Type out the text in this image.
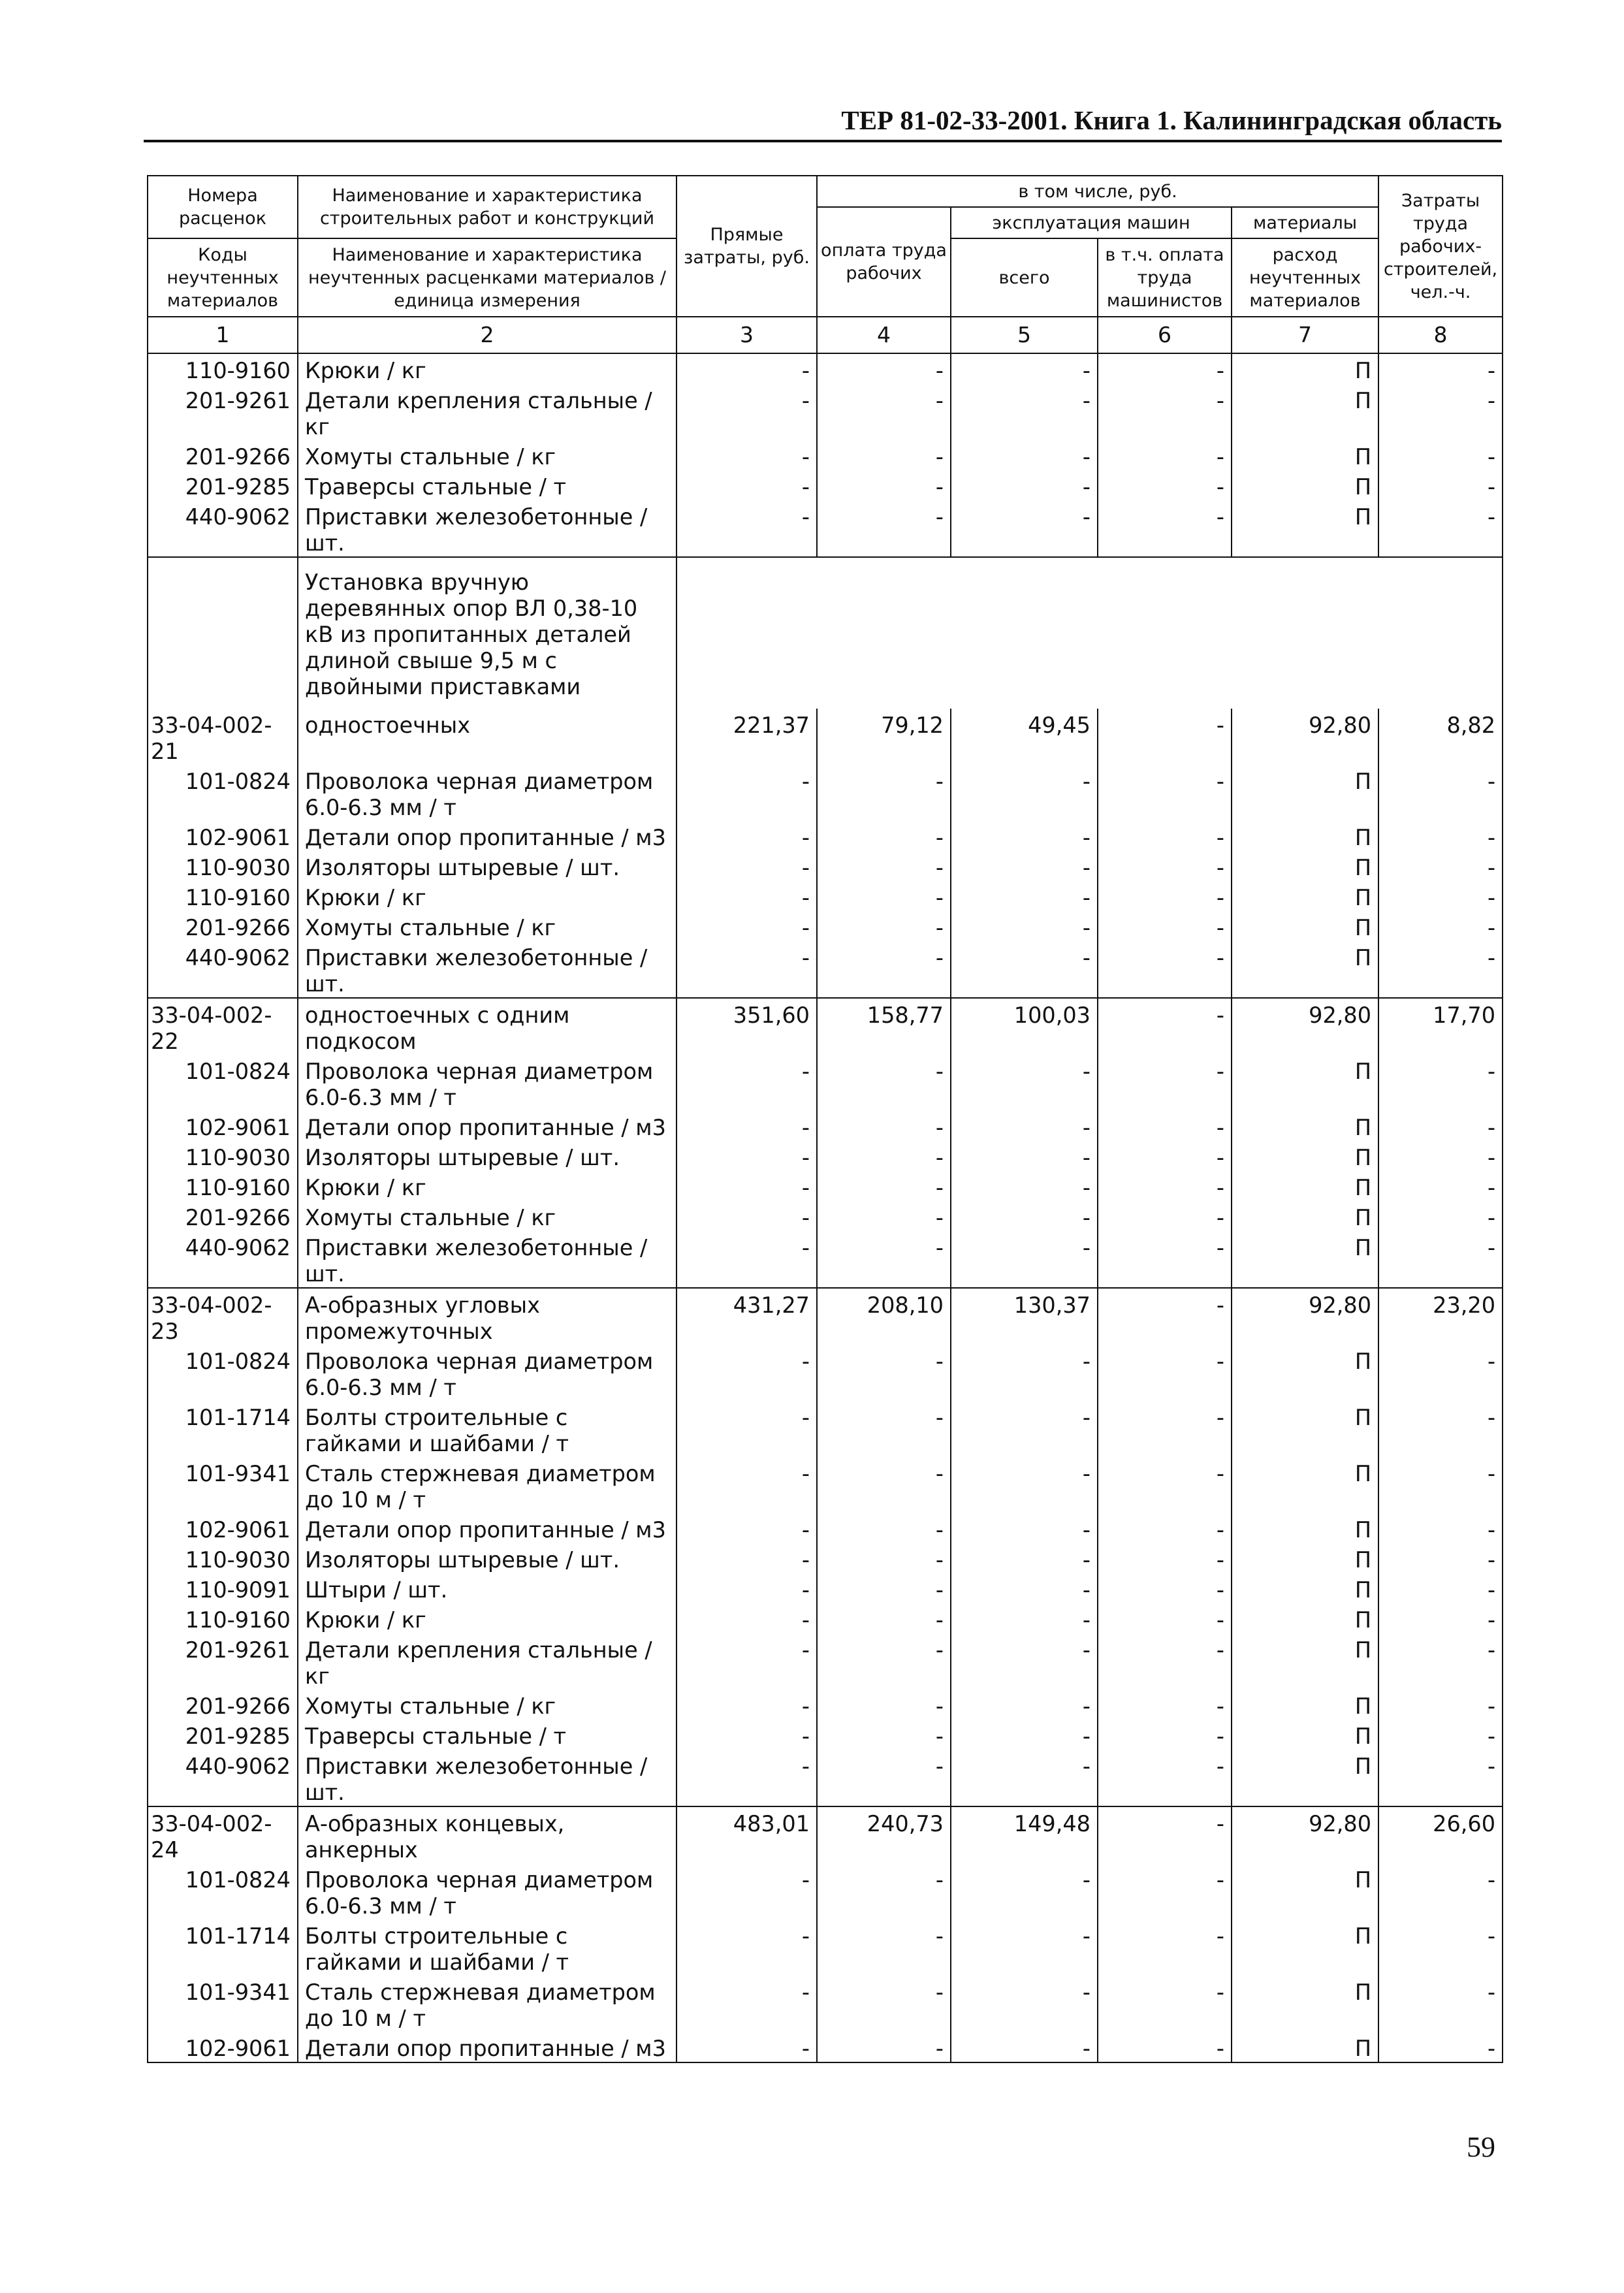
ТЕР 81-02-33-2001. Книга 1. Калининградская область
Номера расценок	Наименование и характеристика строительных работ и конструкций	Прямые затраты, руб.	в том числе, руб.				Затраты труда рабочих-строителей, чел.-ч.
			оплата труда рабочих	эксплуатация машин		материалы	
Коды неучтенных материалов	Наименование и характеристика неучтенных расценками материалов / единица измерения			всего	в т.ч. оплата труда машинистов	расход неучтенных материалов	

1	2	3	4	5	6	7	8
110-9160	Крюки / кг	-	-	-	-	П	-
201-9261	Детали крепления стальные / кг	-	-	-	-	П	-
201-9266	Хомуты стальные / кг	-	-	-	-	П	-
201-9285	Траверсы стальные / т	-	-	-	-	П	-
440-9062	Приставки железобетонные / шт.	-	-	-	-	П	-
	Установка вручную деревянных опор ВЛ 0,38-10 кВ из пропитанных деталей длиной свыше 9,5 м с двойными приставками						
33-04-002-21	одностоечных	221,37	79,12	49,45	-	92,80	8,82
101-0824	Проволока черная диаметром 6.0-6.3 мм / т	-	-	-	-	П	-
102-9061	Детали опор пропитанные / м3	-	-	-	-	П	-
110-9030	Изоляторы штыревые / шт.	-	-	-	-	П	-
110-9160	Крюки / кг	-	-	-	-	П	-
201-9266	Хомуты стальные / кг	-	-	-	-	П	-
440-9062	Приставки железобетонные / шт.	-	-	-	-	П	-
33-04-002-22	одностоечных с одним подкосом	351,60	158,77	100,03	-	92,80	17,70
101-0824	Проволока черная диаметром 6.0-6.3 мм / т	-	-	-	-	П	-
102-9061	Детали опор пропитанные / м3	-	-	-	-	П	-
110-9030	Изоляторы штыревые / шт.	-	-	-	-	П	-
110-9160	Крюки / кг	-	-	-	-	П	-
201-9266	Хомуты стальные / кг	-	-	-	-	П	-
440-9062	Приставки железобетонные / шт.	-	-	-	-	П	-
33-04-002-23	А-образных угловых промежуточных	431,27	208,10	130,37	-	92,80	23,20
101-0824	Проволока черная диаметром 6.0-6.3 мм / т	-	-	-	-	П	-
101-1714	Болты строительные с гайками и шайбами / т	-	-	-	-	П	-
101-9341	Сталь стержневая диаметром до 10 м / т	-	-	-	-	П	-
102-9061	Детали опор пропитанные / м3	-	-	-	-	П	-
110-9030	Изоляторы штыревые / шт.	-	-	-	-	П	-
110-9091	Штыри / шт.	-	-	-	-	П	-
110-9160	Крюки / кг	-	-	-	-	П	-
201-9261	Детали крепления стальные / кг	-	-	-	-	П	-
201-9266	Хомуты стальные / кг	-	-	-	-	П	-
201-9285	Траверсы стальные / т	-	-	-	-	П	-
440-9062	Приставки железобетонные / шт.	-	-	-	-	П	-
33-04-002-24	А-образных концевых, анкерных	483,01	240,73	149,48	-	92,80	26,60
101-0824	Проволока черная диаметром 6.0-6.3 мм / т	-	-	-	-	П	-
101-1714	Болты строительные с гайками и шайбами / т	-	-	-	-	П	-
101-9341	Сталь стержневая диаметром до 10 м / т	-	-	-	-	П	-
102-9061	Детали опор пропитанные / м3	-	-	-	-	П	-
59
